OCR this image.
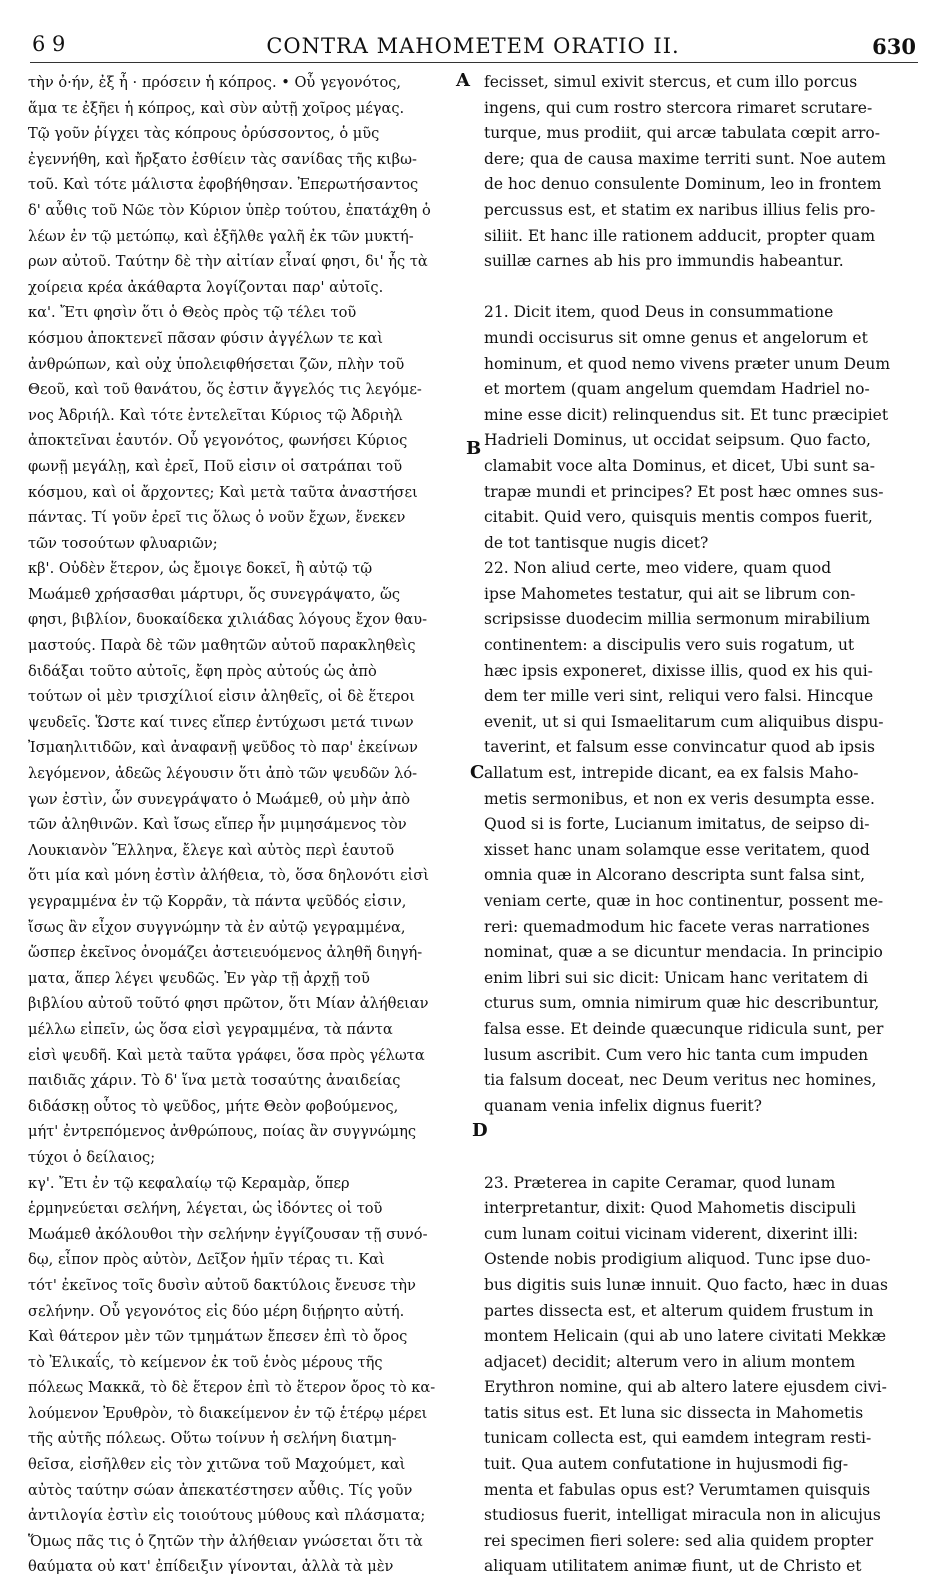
6 9	CONTRA MAHOMETEM ORATIO II.	630
τὴν ὀ·ήν, ἐξ ἧ · πρόσειν ἡ κόπρος. • Οὗ γεγονότος,
ἅμα τε ἐξῆει ἡ κόπρος, καὶ σὺν αὐτῇ χοῖρος μέγας.
Τῷ γοῦν ῥίγχει τὰς κόπρους ὀρύσσοντος, ὁ μῦς
ἐγεννήθη, καὶ ἤρξατο ἐσθίειν τὰς σανίδας τῆς κιβω-
τοῦ. Καὶ τότε μάλιστα ἐφοβήθησαν. Ἐπερωτήσαντος
δ' αὖθις τοῦ Νῶε τὸν Κύριον ὑπὲρ τούτου, ἐπατάχθη ὁ
λέων ἐν τῷ μετώπῳ, καὶ ἐξῆλθε γαλῆ ἐκ τῶν μυκτή-
ρων αὐτοῦ. Ταύτην δὲ τὴν αἰτίαν εἶναί φησι, δι' ἧς τὰ
χοίρεια κρέα ἀκάθαρτα λογίζονται παρ' αὐτοῖς.
κα'. Ἔτι φησὶν ὅτι ὁ Θεὸς πρὸς τῷ τέλει τοῦ
κόσμου ἀποκτενεῖ πᾶσαν φύσιν ἀγγέλων τε καὶ
ἀνθρώπων, καὶ οὐχ ὑπολειφθήσεται ζῶν, πλὴν τοῦ
Θεοῦ, καὶ τοῦ θανάτου, ὅς ἐστιν ἄγγελός τις λεγόμε-
νος Ἀδριήλ. Καὶ τότε ἐντελεῖται Κύριος τῷ Ἀδριὴλ
ἀποκτεῖναι ἑαυτόν. Οὗ γεγονότος, φωνήσει Κύριος
φωνῇ μεγάλῃ, καὶ ἐρεῖ, Ποῦ εἰσιν οἱ σατράπαι τοῦ
κόσμου, καὶ οἱ ἄρχοντες; Καὶ μετὰ ταῦτα ἀναστήσει
πάντας. Τί γοῦν ἐρεῖ τις ὅλως ὁ νοῦν ἔχων, ἕνεκεν
τῶν τοσούτων φλυαριῶν;
κβ'. Οὐδὲν ἕτερον, ὡς ἔμοιγε δοκεῖ, ἢ αὐτῷ τῷ
Μωάμεθ χρήσασθαι μάρτυρι, ὅς συνεγράψατο, ὥς
φησι, βιβλίον, δυοκαίδεκα χιλιάδας λόγους ἔχον θαυ-
μαστούς. Παρὰ δὲ τῶν μαθητῶν αὐτοῦ παρακληθεὶς
διδάξαι τοῦτο αὐτοῖς, ἔφη πρὸς αὐτούς ὡς ἀπὸ
τούτων οἱ μὲν τρισχίλιοί εἰσιν ἀληθεῖς, οἱ δὲ ἕτεροι
ψευδεῖς. Ὥστε καί τινες εἴπερ ἐντύχωσι μετά τινων
Ἰσμαηλιτιδῶν, καὶ ἀναφανῇ ψεῦδος τὸ παρ' ἐκείνων
λεγόμενον, ἀδεῶς λέγουσιν ὅτι ἀπὸ τῶν ψευδῶν λό-
γων ἐστὶν, ὧν συνεγράψατο ὁ Μωάμεθ, οὐ μὴν ἀπὸ
τῶν ἀληθινῶν. Καὶ ἴσως εἴπερ ἦν μιμησάμενος τὸν
Λουκιανὸν Ἕλληνα, ἔλεγε καὶ αὐτὸς περὶ ἑαυτοῦ
ὅτι μία καὶ μόνη ἐστὶν ἀλήθεια, τὸ, ὅσα δηλονότι εἰσὶ
γεγραμμένα ἐν τῷ Κορρᾶν, τὰ πάντα ψεῦδός εἰσιν,
ἴσως ἂν εἶχον συγγνώμην τὰ ἐν αὐτῷ γεγραμμένα,
ὥσπερ ἐκεῖνος ὀνομάζει ἀστειευόμενος ἀληθῆ διηγή-
ματα, ἅπερ λέγει ψευδῶς. Ἐν γὰρ τῇ ἀρχῇ τοῦ
βιβλίου αὐτοῦ τοῦτό φησι πρῶτον, ὅτι Μίαν ἀλήθειαν
μέλλω εἰπεῖν, ὡς ὅσα εἰσὶ γεγραμμένα, τὰ πάντα
εἰσὶ ψευδῆ. Καὶ μετὰ ταῦτα γράφει, ὅσα πρὸς γέλωτα
παιδιᾶς χάριν. Τὸ δ' ἵνα μετὰ τοσαύτης ἀναιδείας
διδάσκῃ οὗτος τὸ ψεῦδος, μήτε Θεὸν φοβούμενος,
μήτ' ἐντρεπόμενος ἀνθρώπους, ποίας ἂν συγγνώμης
τύχοι ὁ δείλαιος;
κγ'. Ἔτι ἐν τῷ κεφαλαίῳ τῷ Κεραμὰρ, ὅπερ
ἑρμηνεύεται σελήνη, λέγεται, ὡς ἰδόντες οἱ τοῦ
Μωάμεθ ἀκόλουθοι τὴν σελήνην ἐγγίζουσαν τῇ συνό-
δῳ, εἶπον πρὸς αὐτὸν, Δεῖξον ἡμῖν τέρας τι. Καὶ
τότ' ἐκεῖνος τοῖς δυσὶν αὐτοῦ δακτύλοις ἔνευσε τὴν
σελήνην. Οὗ γεγονότος εἰς δύο μέρη διῄρητο αὐτή.
Καὶ θάτερον μὲν τῶν τμημάτων ἔπεσεν ἐπὶ τὸ ὄρος
τὸ Ἐλικαΐς, τὸ κείμενον ἐκ τοῦ ἑνὸς μέρους τῆς
πόλεως Μακκᾶ, τὸ δὲ ἕτερον ἐπὶ τὸ ἕτερον ὄρος τὸ κα-
λούμενον Ἐρυθρὸν, τὸ διακείμενον ἐν τῷ ἑτέρῳ μέρει
τῆς αὐτῆς πόλεως. Οὕτω τοίνυν ἡ σελήνη διατμη-
θεῖσα, εἰσῆλθεν εἰς τὸν χιτῶνα τοῦ Μαχούμετ, καὶ
αὐτὸς ταύτην σώαν ἀπεκατέστησεν αὖθις. Τίς γοῦν
ἀντιλογία ἐστὶν εἰς τοιούτους μύθους καὶ πλάσματα;
Ὅμως πᾶς τις ὁ ζητῶν τὴν ἀλήθειαν γνώσεται ὅτι τὰ
θαύματα οὐ κατ' ἐπίδειξιν γίνονται, ἀλλὰ τὰ μὲν
fecisset, simul exivit stercus, et cum illo porcus
ingens, qui cum rostro stercora rimaret scrutare-
turque, mus prodiit, qui arcæ tabulata cœpit arro-
dere; qua de causa maxime territi sunt. Noe autem
de hoc denuo consulente Dominum, leo in frontem
percussus est, et statim ex naribus illius felis pro-
siliit. Et hanc ille rationem adducit, propter quam
suillæ carnes ab his pro immundis habeantur.
21. Dicit item, quod Deus in consummatione
mundi occisurus sit omne genus et angelorum et
hominum, et quod nemo vivens præter unum Deum
et mortem (quam angelum quemdam Hadriel no-
mine esse dicit) relinquendus sit. Et tunc præcipiet
Hadrieli Dominus, ut occidat seipsum. Quo facto,
clamabit voce alta Dominus, et dicet, Ubi sunt sa-
trapæ mundi et principes? Et post hæc omnes sus-
citabit. Quid vero, quisquis mentis compos fuerit,
de tot tantisque nugis dicet?
22. Non aliud certe, meo videre, quam quod
ipse Mahometes testatur, qui ait se librum con-
scripsisse duodecim millia sermonum mirabilium
continentem: a discipulis vero suis rogatum, ut
hæc ipsis exponeret, dixisse illis, quod ex his qui-
dem ter mille veri sint, reliqui vero falsi. Hincque
evenit, ut si qui Ismaelitarum cum aliquibus dispu-
taverint, et falsum esse convincatur quod ab ipsis
allatum est, intrepide dicant, ea ex falsis Maho-
metis sermonibus, et non ex veris desumpta esse.
Quod si is forte, Lucianum imitatus, de seipso di-
xisset hanc unam solamque esse veritatem, quod
omnia quæ in Alcorano descripta sunt falsa sint,
veniam certe, quæ in hoc continentur, possent me-
reri: quemadmodum hic facete veras narrationes
nominat, quæ a se dicuntur mendacia. In principio
enim libri sui sic dicit: Unicam hanc veritatem di
cturus sum, omnia nimirum quæ hic describuntur,
falsa esse. Et deinde quæcunque ridicula sunt, per
lusum ascribit. Cum vero hic tanta cum impuden
tia falsum doceat, nec Deum veritus nec homines,
quanam venia infelix dignus fuerit?
23. Præterea in capite Ceramar, quod lunam
interpretantur, dixit: Quod Mahometis discipuli
cum lunam coitui vicinam viderent, dixerint illi:
Ostende nobis prodigium aliquod. Tunc ipse duo-
bus digitis suis lunæ innuit. Quo facto, hæc in duas
partes dissecta est, et alterum quidem frustum in
montem Helicain (qui ab uno latere civitati Mekkæ
adjacet) decidit; alterum vero in alium montem
Erythron nomine, qui ab altero latere ejusdem civi-
tatis situs est. Et luna sic dissecta in Mahometis
tunicam collecta est, qui eamdem integram resti-
tuit. Qua autem confutatione in hujusmodi fig-
menta et fabulas opus est? Verumtamen quisquis
studiosus fuerit, intelligat miracula non in alicujus
rei specimen fieri solere: sed alia quidem propter
aliquam utilitatem animæ fiunt, ut de Christo et
A
B
C
D
